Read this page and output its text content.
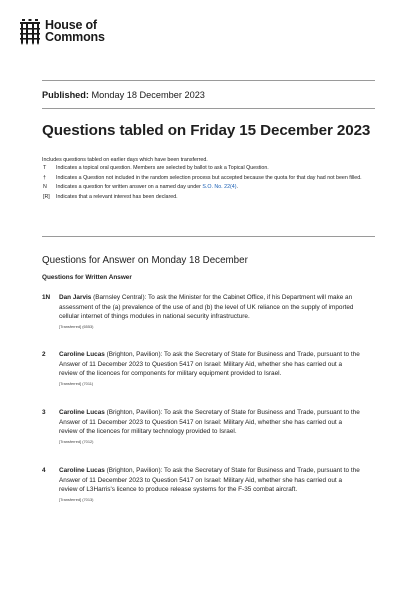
House of
Commons
Published: Monday 18 December 2023
Questions tabled on Friday 15 December 2023
Includes questions tabled on earlier days which have been transferred.
T	Indicates a topical oral question. Members are selected by ballot to ask a Topical Question.
†	Indicates a Question not included in the random selection process but accepted because the quota for that day had not been filled.
N	Indicates a question for written answer on a named day under S.O. No. 22(4).
[R]	Indicates that a relevant interest has been declared.
Questions for Answer on Monday 18 December
Questions for Written Answer
1N	Dan Jarvis (Barnsley Central): To ask the Minister for the Cabinet Office, if his Department will make an assessment of the (a) prevalence of the use of and (b) the level of UK reliance on the supply of imported cellular internet of things modules in national security infrastructure.
[Transferred] (6553)
2	Caroline Lucas (Brighton, Pavilion): To ask the Secretary of State for Business and Trade, pursuant to the Answer of 11 December 2023 to Question 5417 on Israel: Military Aid, whether she has carried out a review of the licences for components for military equipment provided to Israel.
[Transferred] (7011)
3	Caroline Lucas (Brighton, Pavilion): To ask the Secretary of State for Business and Trade, pursuant to the Answer of 11 December 2023 to Question 5417 on Israel: Military Aid, whether she has carried out a review of the licences for military technology provided to Israel.
[Transferred] (7012)
4	Caroline Lucas (Brighton, Pavilion): To ask the Secretary of State for Business and Trade, pursuant to the Answer of 11 December 2023 to Question 5417 on Israel: Military Aid, whether she has carried out a review of L3Harris's licence to produce release systems for the F-35 combat aircraft.
[Transferred] (7013)
